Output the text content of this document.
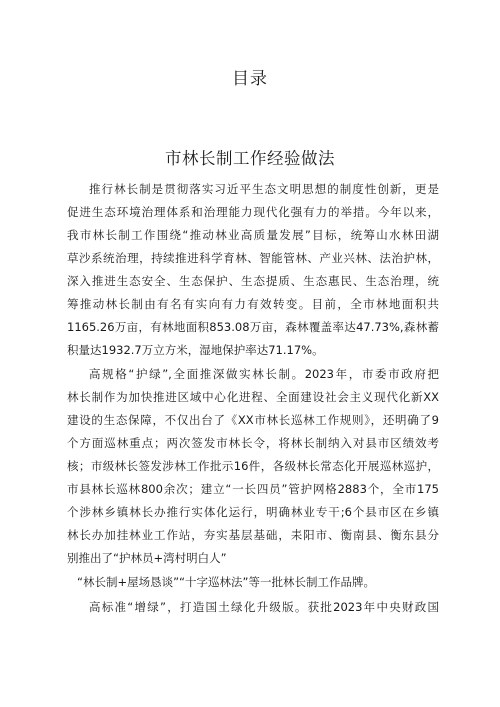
目录
市林长制工作经验做法
推行林长制是贯彻落实习近平生态文明思想的制度性创新，更是
促进生态环境治理体系和治理能力现代化强有力的举措。今年以来，
我市林长制工作围绕“推动林业高质量发展”目标，统筹山水林田湖
草沙系统治理，持续推进科学育林、智能管林、产业兴林、法治护林，
深入推进生态安全、生态保护、生态提质、生态惠民、生态治理，统
筹推动林长制由有名有实向有力有效转变。目前，全市林地面积共
1165.26万亩，有林地面积853.08万亩，森林覆盖率达47.73%,森林蓄
积量达1932.7万立方米，湿地保护率达71.17%。
高规格“护绿”,全面推深做实林长制。2023年，市委市政府把
林长制作为加快推进区域中心化进程、全面建设社会主义现代化新XX
建设的生态保障，不仅出台了《XX市林长巡林工作规则》，还明确了9
个方面巡林重点；两次签发市林长令，将林长制纳入对县市区绩效考
核；市级林长签发涉林工作批示16件，各级林长常态化开展巡林巡护，
市县林长巡林800余次；建立“一长四员”管护网格2883个，全市175
个涉林乡镇林长办推行实体化运行，明确林业专干;6个县市区在乡镇
林长办加挂林业工作站，夯实基层基础，耒阳市、衡南县、衡东县分
别推出了“护林员+湾村明白人”
“林长制+屋场恳谈”“十字巡林法”等一批林长制工作品牌。
高标准“增绿”，打造国土绿化升级版。获批2023年中央财政国
